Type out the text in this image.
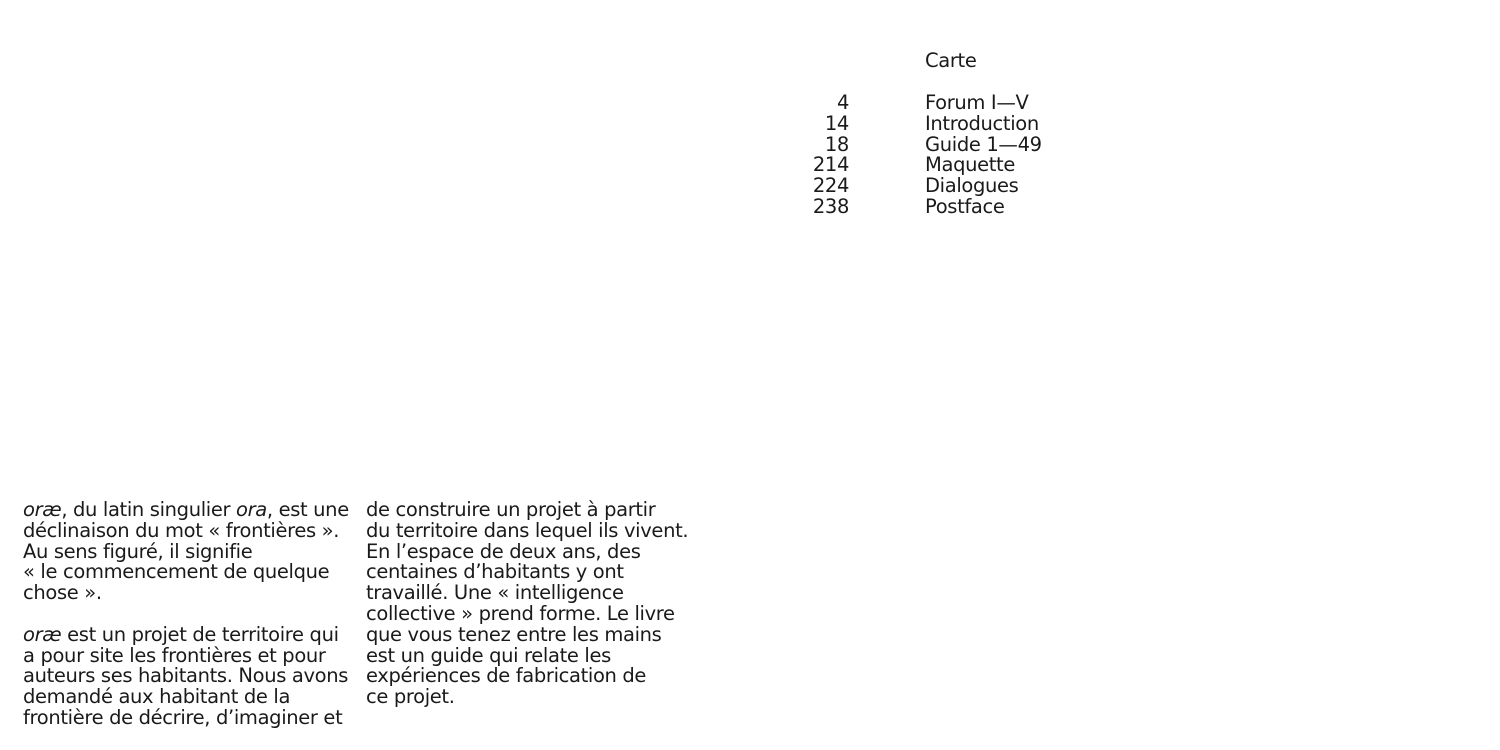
Carte
4	Forum I—V
14	Introduction
18	Guide 1—49
214	Maquette
224	Dialogues
238	Postface
oræ, du latin singulier ora, est une
déclinaison du mot « frontières ».
Au sens figuré, il signifie
« le commencement de quelque
chose ».
oræ est un projet de territoire qui
a pour site les frontières et pour
auteurs ses habitants. Nous avons
demandé aux habitant de la
frontière de décrire, d’imaginer et
de construire un projet à partir
du territoire dans lequel ils vivent.
En l’espace de deux ans, des
centaines d’habitants y ont
travaillé. Une « intelligence
collective » prend forme. Le livre
que vous tenez entre les mains
est un guide qui relate les
expériences de fabrication de
ce projet.
